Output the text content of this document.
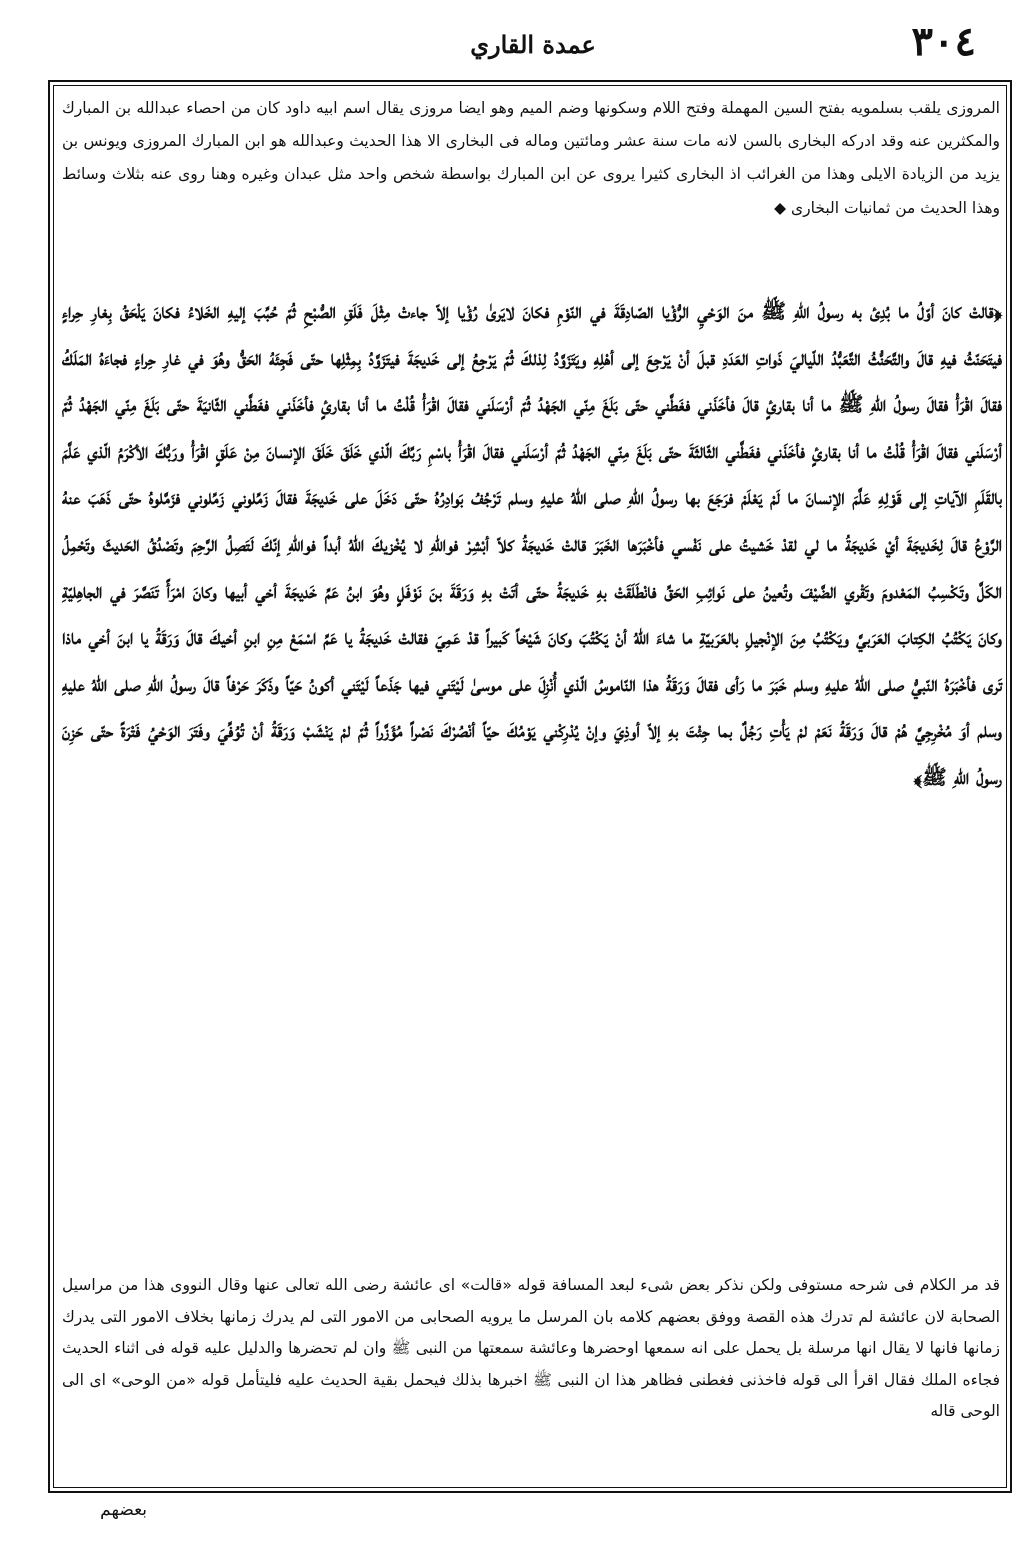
٣٠٤
عمدة القاري

المروزى يلقب بسلمويه بفتح السين المهملة وفتح اللام وسكونها وضم الميم وهو ايضا مروزى يقال اسم ابيه داود كان من احصاء عبدالله بن المبارك والمكثرين عنه وقد ادركه البخارى بالسن لانه مات سنة عشر ومائتين وماله فى البخارى الا هذا الحديث وعبدالله هو ابن المبارك المروزى ويونس بن يزيد من الزيادة الايلى وهذا من الغرائب اذ البخارى كثيرا يروى عن ابن المبارك بواسطة شخص واحد مثل عبدان وغيره وهنا روى عنه بثلاث وسائط وهذا الحديث من ثمانيات البخارى ◆

﴿قالتْ كانَ أوّلُ ما بُدِئ به رسولُ اللهِ ﷺ منَ الوَحْيِ الرُّؤْيا الصّادِقَةَ في النّوْمِ فكانَ لايَرىٰ رُؤْيا إلاّ جاءتْ مِثْلَ فَلَقِ الصُّبْحِ ثُمّ حُبِّبَ إليهِ الخَلاءُ فكانَ يَلْحَقُ بِغارِ حِراءٍ فيتَحَنّثُ فيهِ قالَ والتَّحَنُّثُ التَّعَبُّدُ اللّياليَ ذَواتِ العَدَدِ قبلَ أنْ يَرْجِعَ إلى أهْلِهِ ويَتَزَوَّدُ لِذلكَ ثُمّ يَرْجِعُ إلى خَديجَةَ فيتَزَوَّدُ بِمِثْلِها حتّى فَجِئَهُ الحَقُّ وهُوَ في غارِ حِراءٍ فجاءَهُ المَلَكُ فقالَ اقْرَأْ فقالَ رسولُ اللهِ ﷺ ما أنا بقارئٍ قالَ فأخَذَني فغَطَّني حتّى بَلَغَ مِنّي الجَهْدُ ثُمّ أرْسَلَني فقالَ اقْرَأْ قُلْتُ ما أنا بقارئٍ فأخَذَني فغَطَّني الثّانيَةَ حتّى بَلَغَ مِنّي الجَهْدُ ثُمّ أرْسَلَني فقالَ اقْرَأْ قُلْتُ ما أنا بقارئٍ فأخَذَني فغَطَّني الثّالثَةَ حتّى بَلَغَ مِنّي الجَهْدُ ثُمّ أرْسَلَني فقالَ اقْرَأْ باسْمِ رَبِّكَ الّذي خَلَقَ خَلَقَ الإنسانَ مِنْ عَلَقٍ اقْرَأْ ورَبُّكَ الأكْرَمُ الّذي عَلَّمَ بالقَلَمِ الآياتِ إلى قَوْلِهِ عَلَّمَ الإنسانَ ما لَمْ يَعْلَمْ فرَجَعَ بها رسولُ اللهِ صلى اللهُ عليهِ وسلم تَرْجُفُ بَوادِرُهُ حتّى دَخَلَ على خَديجَةَ فقالَ زَمِّلوني زَمِّلوني فزَمَّلوهُ حتّى ذَهَبَ عنهُ الرَّوْعُ قالَ لِخَديجَةَ أيْ خَديجَةُ ما لي لقدْ خَشيتُ على نَفْسي فأخْبَرَها الخَبَرَ قالتْ خَديجَةُ كلاّ أبْشِرْ فواللهِ لا يُخْزيكَ اللهُ أبداً فواللهِ إنّكَ لَتَصِلُ الرَّحِمَ وتَصْدُقُ الحَديثَ وتَحْمِلُ الكَلَّ وتَكْسِبُ المَعْدومَ وتَقْري الضَّيْفَ وتُعينُ على نَوائِبِ الحَقِّ فانْطَلَقَتْ بهِ خَديجَةُ حتّى أتَتْ بهِ وَرَقَةَ بنَ نَوْفَلٍ وهُوَ ابنُ عَمِّ خَديجَةَ أخي أبيها وكانَ امْرَأً تَنَصَّرَ في الجاهِليّةِ وكانَ يَكْتُبُ الكِتابَ العَرَبيَّ ويَكْتُبُ مِنَ الإنْجيلِ بالعَرَبيّةِ ما شاءَ اللهُ أنْ يَكْتُبَ وكانَ شَيْخاً كَبيراً قدْ عَمِيَ فقالتْ خَديجَةُ يا عَمِّ اسْمَعْ مِنِ ابنِ أخيكَ قالَ وَرَقَةُ يا ابنَ أخي ماذا تَرى فأخْبَرَهُ النّبيُّ صلى اللهُ عليهِ وسلم خَبَرَ ما رَأى فقالَ وَرَقَةُ هذا النّاموسُ الّذي أُنْزِلَ على موسىٰ لَيْتَني فيها جَذَعاً لَيْتَني أكونُ حَيّاً وذَكَرَ حَرْفاً قالَ رسولُ اللهِ صلى اللهُ عليهِ وسلم أوَ مُخْرِجِيَّ هُمْ قالَ وَرَقَةُ نَعَمْ لمْ يَأْتِ رَجُلٌ بما جِئْتَ بهِ إلاّ أوذِيَ وإنْ يُدْرِكْني يَوْمُكَ حيّاً أنْصُرْكَ نَصْراً مُؤَزَّراً ثُمّ لمْ يَنْشَبْ وَرَقَةُ أنْ تُوُفِّيَ وفَتَرَ الوَحْيُ فَتْرَةً حتّى حَزِنَ رسولُ اللهِ ﷺ﴾

قد مر الكلام فى شرحه مستوفى ولكن نذكر بعض شىء لبعد المسافة قوله «قالت» اى عائشة رضى الله تعالى عنها وقال النووى هذا من مراسيل الصحابة لان عائشة لم تدرك هذه القصة ووفق بعضهم كلامه بان المرسل ما يرويه الصحابى من الامور التى لم يدرك زمانها بخلاف الامور التى يدرك زمانها فانها لا يقال انها مرسلة بل يحمل على انه سمعها اوحضرها وعائشة سمعتها من النبى ﷺ وان لم تحضرها والدليل عليه قوله فى اثناء الحديث فجاءه الملك فقال اقرأ الى قوله فاخذنى فغطنى فظاهر هذا ان النبى ﷺ اخبرها بذلك فيحمل بقية الحديث عليه فليتأمل قوله «من الوحى» اى الى الوحى قاله

بعضهم
